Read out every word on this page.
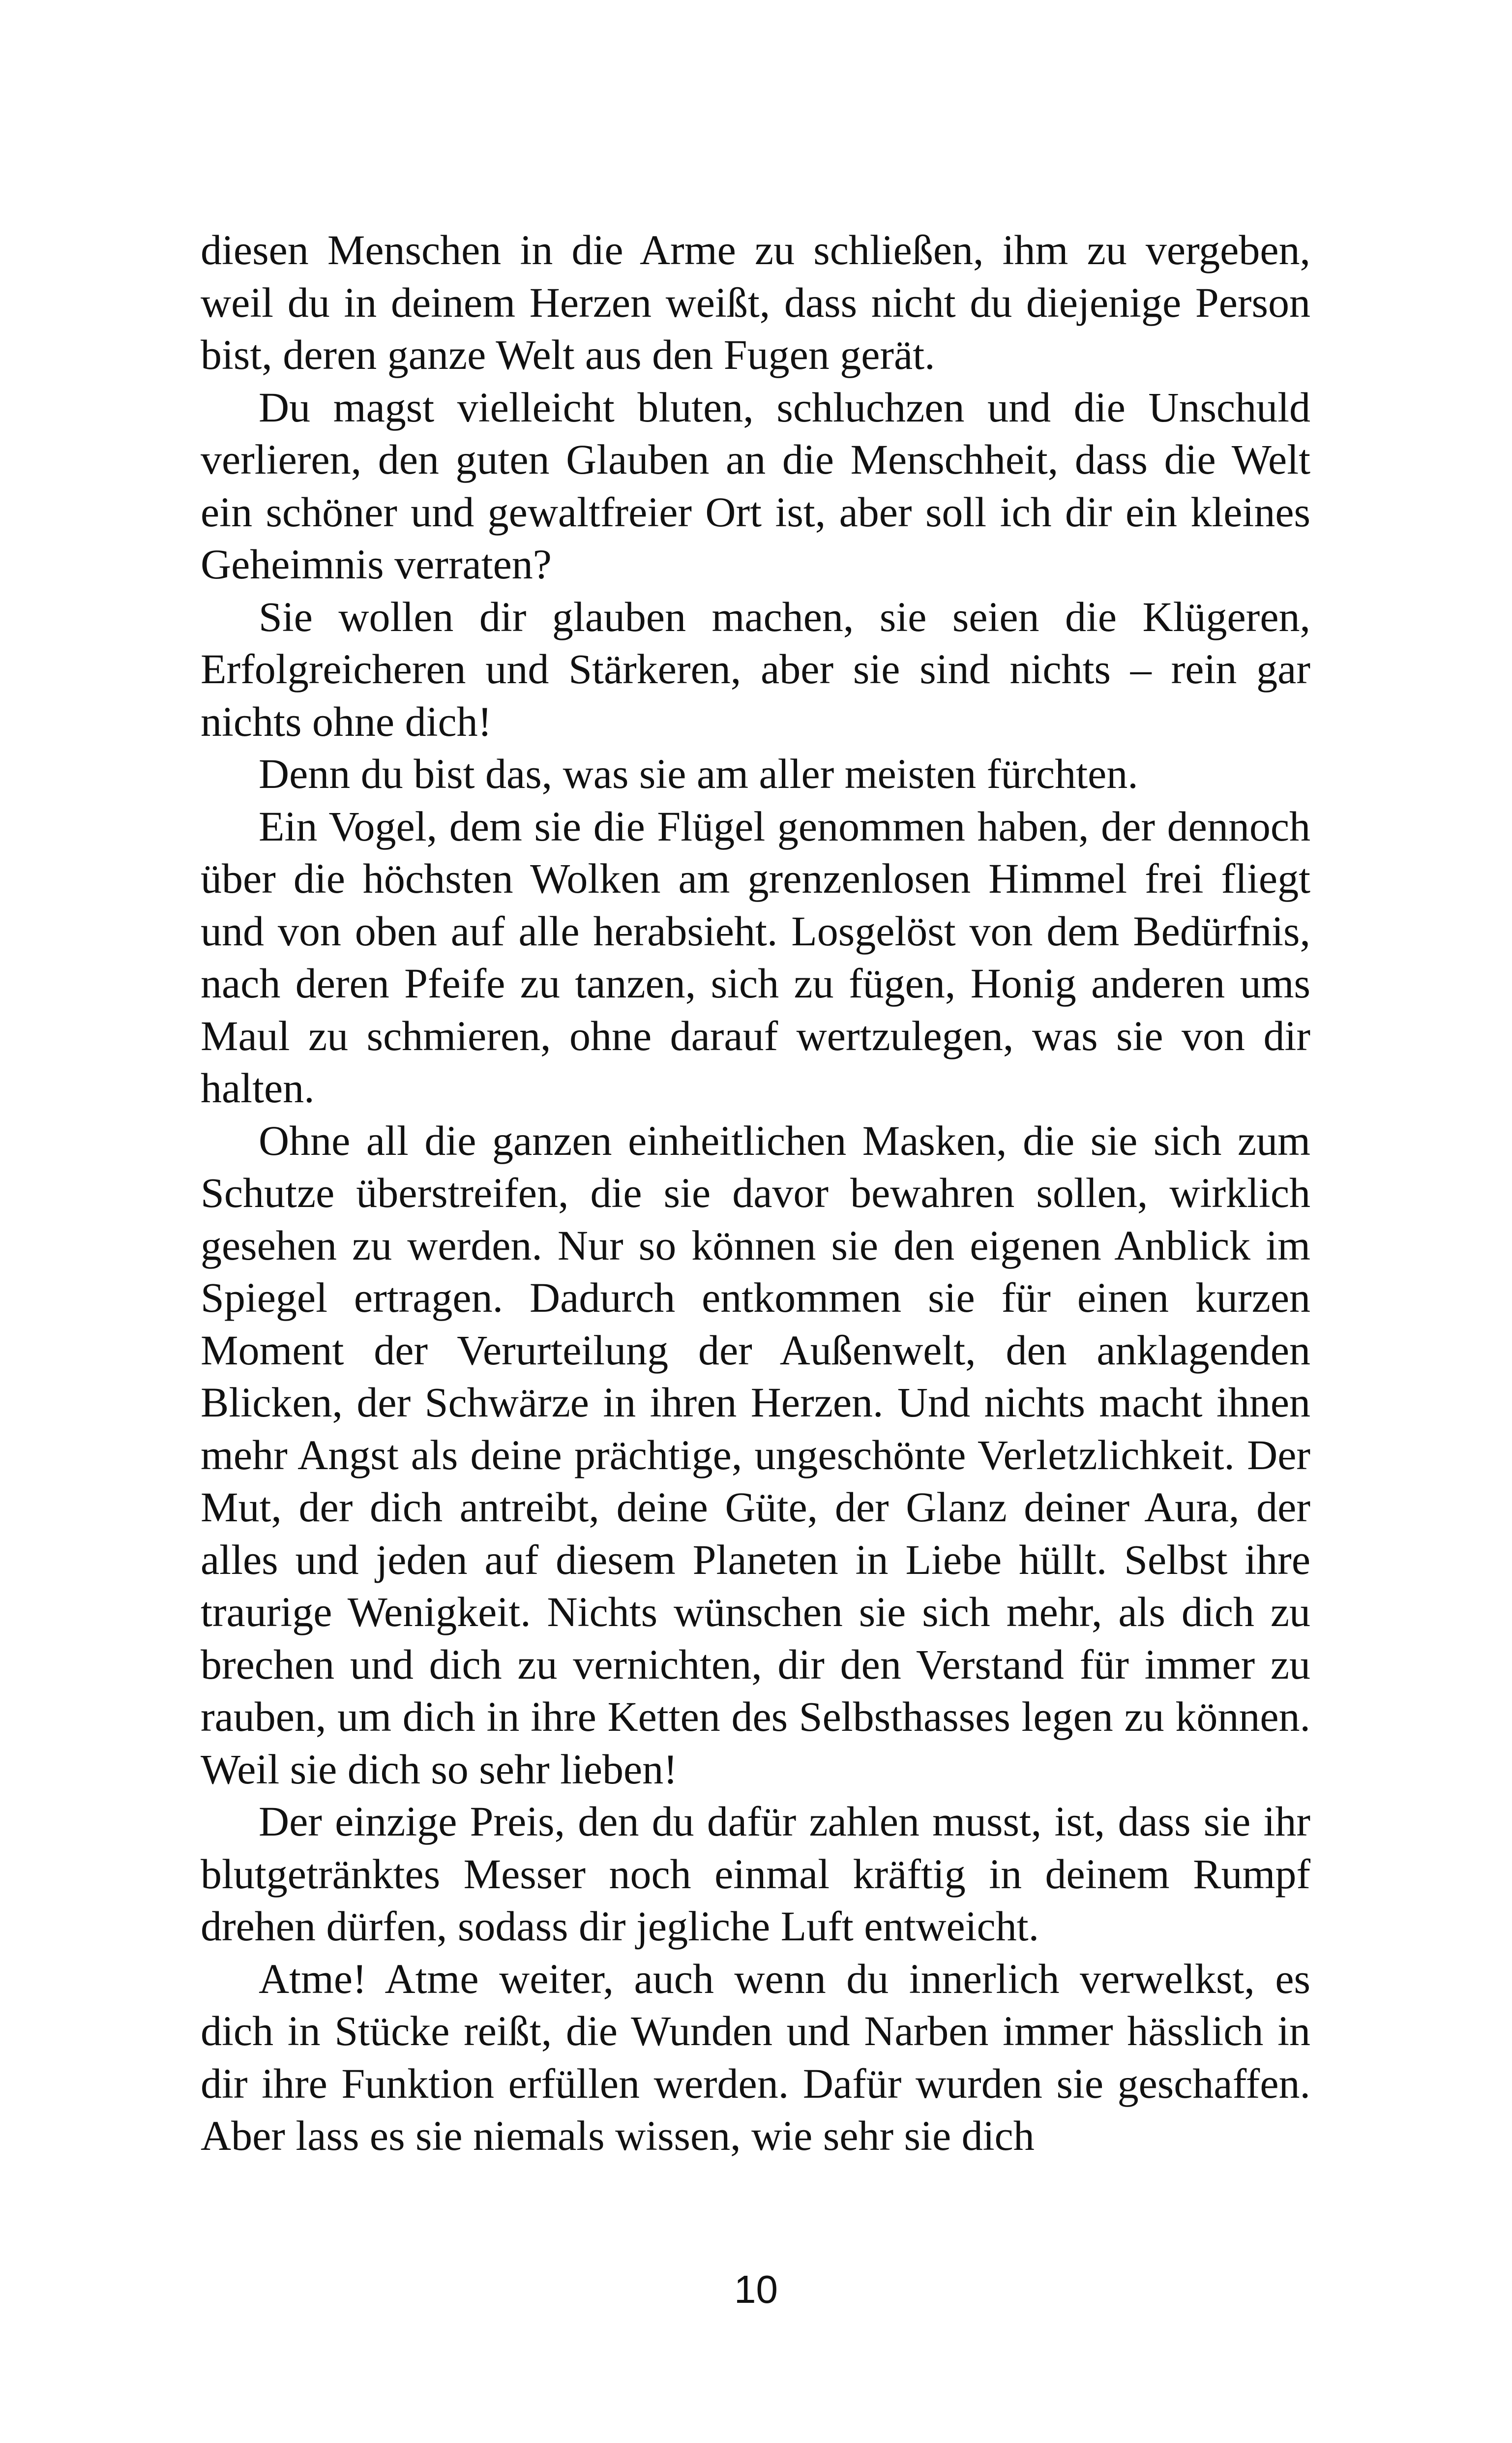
diesen Menschen in die Arme zu schließen, ihm zu vergeben, weil du in deinem Herzen weißt, dass nicht du diejenige Person bist, deren ganze Welt aus den Fugen gerät.

Du magst vielleicht bluten, schluchzen und die Unschuld verlieren, den guten Glauben an die Menschheit, dass die Welt ein schöner und gewaltfreier Ort ist, aber soll ich dir ein kleines Geheimnis verraten?

Sie wollen dir glauben machen, sie seien die Klügeren, Erfolgreicheren und Stärkeren, aber sie sind nichts – rein gar nichts ohne dich!

Denn du bist das, was sie am aller meisten fürchten.

Ein Vogel, dem sie die Flügel genommen haben, der dennoch über die höchsten Wolken am grenzenlosen Himmel frei fliegt und von oben auf alle herabsieht. Losgelöst von dem Bedürfnis, nach deren Pfeife zu tanzen, sich zu fügen, Honig anderen ums Maul zu schmieren, ohne darauf wertzulegen, was sie von dir halten.

Ohne all die ganzen einheitlichen Masken, die sie sich zum Schutze überstreifen, die sie davor bewahren sollen, wirklich gesehen zu werden. Nur so können sie den eigenen Anblick im Spiegel ertragen. Dadurch entkommen sie für einen kurzen Moment der Verurteilung der Außenwelt, den anklagenden Blicken, der Schwärze in ihren Herzen. Und nichts macht ihnen mehr Angst als deine prächtige, ungeschönte Verletzlichkeit. Der Mut, der dich antreibt, deine Güte, der Glanz deiner Aura, der alles und jeden auf diesem Planeten in Liebe hüllt. Selbst ihre traurige Wenigkeit. Nichts wünschen sie sich mehr, als dich zu brechen und dich zu vernichten, dir den Verstand für immer zu rauben, um dich in ihre Ketten des Selbsthasses legen zu können. Weil sie dich so sehr lieben!

Der einzige Preis, den du dafür zahlen musst, ist, dass sie ihr blutgetränktes Messer noch einmal kräftig in deinem Rumpf drehen dürfen, sodass dir jegliche Luft entweicht.

Atme! Atme weiter, auch wenn du innerlich verwelkst, es dich in Stücke reißt, die Wunden und Narben immer hässlich in dir ihre Funktion erfüllen werden. Dafür wurden sie geschaffen. Aber lass es sie niemals wissen, wie sehr sie dich

10
